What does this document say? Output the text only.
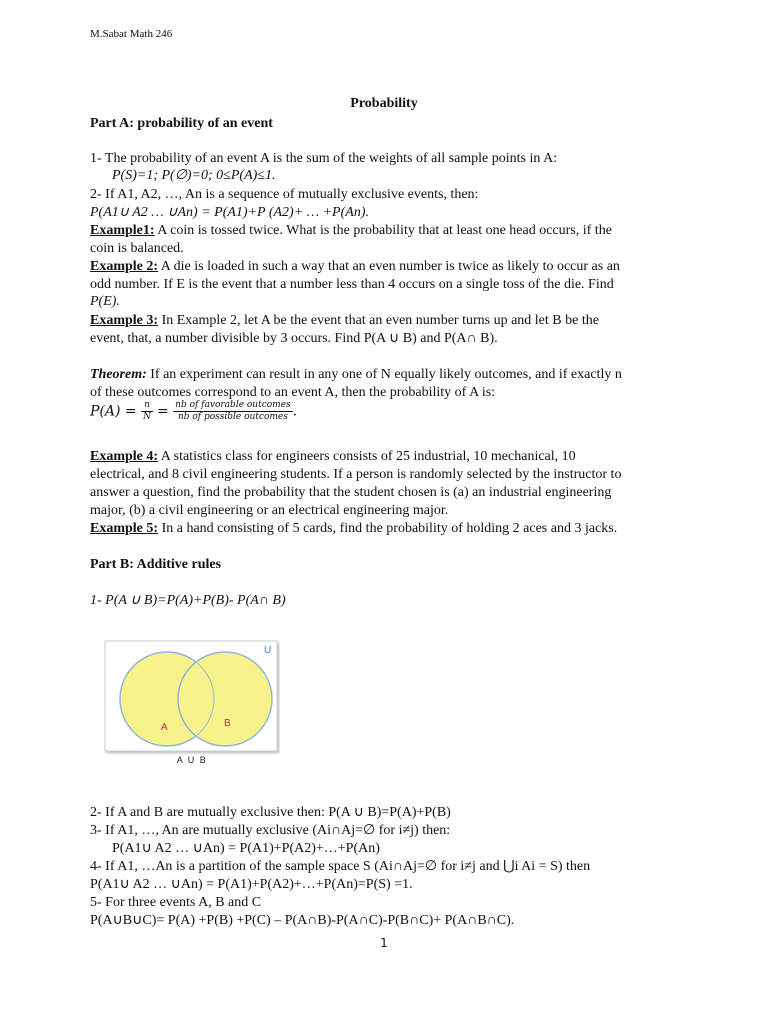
M.Sabat Math 246
Probability
Part A: probability of an event
1- The probability of an event A is the sum of the weights of all sample points in A:
P(S)=1; P(∅)=0; 0≤P(A)≤1.
2- If A1, A2, …, An is a sequence of mutually exclusive events, then:
P(A1∪ A2 … ∪An) = P(A1)+P (A2)+ … +P(An).
Example1: A coin is tossed twice. What is the probability that at least one head occurs, if the
coin is balanced.
Example 2: A die is loaded in such a way that an even number is twice as likely to occur as an
odd number. If E is the event that a number less than 4 occurs on a single toss of the die. Find
P(E).
Example 3: In Example 2, let A be the event that an even number turns up and let B be the
event, that, a number divisible by 3 occurs. Find P(A ∪ B) and P(A∩ B).
Theorem: If an experiment can result in any one of N equally likely outcomes, and if exactly n
of these outcomes correspond to an event A, then the probability of A is:
$P(A) = \frac{n}{N} = \frac{\text{nb of favorable outcomes}}{\text{nb of possible outcomes}}$ .
Example 4: A statistics class for engineers consists of 25 industrial, 10 mechanical, 10
electrical, and 8 civil engineering students. If a person is randomly selected by the instructor to
answer a question, find the probability that the student chosen is (a) an industrial engineering
major, (b) a civil engineering or an electrical engineering major.
Example 5: In a hand consisting of 5 cards, find the probability of holding 2 aces and 3 jacks.
Part B: Additive rules
1- P(A ∪ B)=P(A)+P(B)- P(A∩ B)
U
A	B
A U B
2- If A and B are mutually exclusive then: P(A ∪ B)=P(A)+P(B)
3- If A1, …, An are mutually exclusive (Ai∩Aj=∅ for i≠j) then:
P(A1∪ A2 … ∪An) = P(A1)+P(A2)+…+P(An)
4- If A1, …An is a partition of the sample space S (Ai∩Aj=∅ for i≠j and ⋃i Ai = S) then
P(A1∪ A2 … ∪An) = P(A1)+P(A2)+…+P(An)=P(S) =1.
5- For three events A, B and C
P(A∪B∪C)= P(A) +P(B) +P(C) – P(A∩B)-P(A∩C)-P(B∩C)+ P(A∩B∩C).
1
